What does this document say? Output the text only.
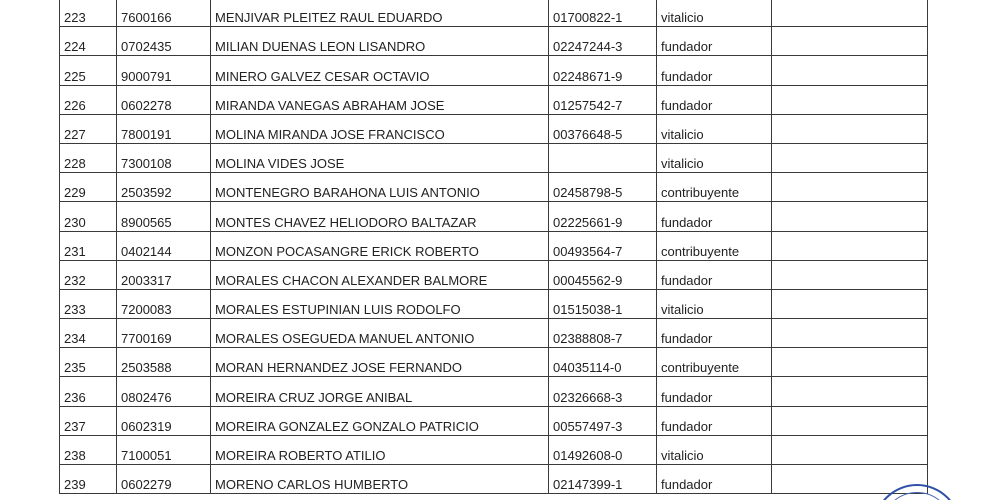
223	7600166	MENJIVAR PLEITEZ RAUL EDUARDO	01700822-1	vitalicio	
224	0702435	MILIAN DUENAS LEON LISANDRO	02247244-3	fundador	
225	9000791	MINERO GALVEZ CESAR OCTAVIO	02248671-9	fundador	
226	0602278	MIRANDA VANEGAS ABRAHAM JOSE	01257542-7	fundador	
227	7800191	MOLINA MIRANDA JOSE FRANCISCO	00376648-5	vitalicio	
228	7300108	MOLINA VIDES JOSE		vitalicio	
229	2503592	MONTENEGRO BARAHONA LUIS ANTONIO	02458798-5	contribuyente	
230	8900565	MONTES CHAVEZ HELIODORO BALTAZAR	02225661-9	fundador	
231	0402144	MONZON POCASANGRE ERICK ROBERTO	00493564-7	contribuyente	
232	2003317	MORALES CHACON ALEXANDER BALMORE	00045562-9	fundador	
233	7200083	MORALES ESTUPINIAN LUIS RODOLFO	01515038-1	vitalicio	
234	7700169	MORALES OSEGUEDA MANUEL ANTONIO	02388808-7	fundador	
235	2503588	MORAN HERNANDEZ JOSE FERNANDO	04035114-0	contribuyente	
236	0802476	MOREIRA CRUZ JORGE ANIBAL	02326668-3	fundador	
237	0602319	MOREIRA GONZALEZ GONZALO PATRICIO	00557497-3	fundador	
238	7100051	MOREIRA ROBERTO ATILIO	01492608-0	vitalicio	
239	0602279	MORENO CARLOS HUMBERTO	02147399-1	fundador	
